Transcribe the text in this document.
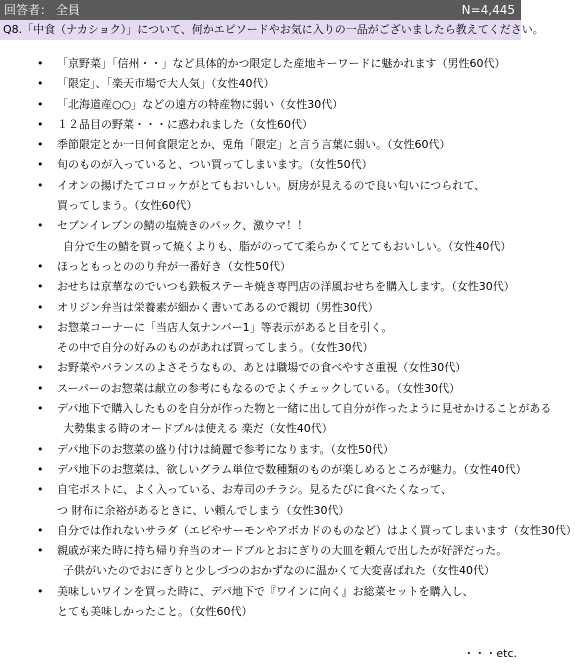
回答者： 全員	N=4,445
Q8.「中食（ナカショク）」について、何かエピソードやお気に入りの一品がございましたら教えてください。
• 「京野菜」「信州・・」など具体的かつ限定した産地キーワードに魅かれます（男性60代）
• 「限定」、「楽天市場で大人気」（女性40代）
• 「北海道産○○」などの遠方の特産物に弱い（女性30代）
• １２品目の野菜・・・に惑われました（女性60代）
• 季節限定とか一日何食限定とか、兎角「限定」と言う言葉に弱い。（女性60代）
• 旬のものが入っていると、つい買ってしまいます。（女性50代）
• イオンの揚げたてコロッケがとてもおいしい。厨房が見えるので良い匂いにつられて、
買ってしまう。（女性60代）
• セブンイレブンの鯖の塩焼きのパック、激ウマ！！
自分で生の鯖を買って焼くよりも、脂がのってて柔らかくてとてもおいしい。（女性40代）
• ほっともっとののり弁が一番好き（女性50代）
• おせちは京華なのでいつも鉄板ステーキ焼き専門店の洋風おせちを購入します。（女性30代）
• オリジン弁当は栄養素が細かく書いてあるので親切（男性30代）
• お惣菜コーナーに「当店人気ナンバー1」等表示があると目を引く。
その中で自分の好みのものがあれば買ってしまう。（女性30代）
• お野菜やバランスのよさそうなもの、あとは職場での食べやすさ重視（女性30代）
• スーパーのお惣菜は献立の参考にもなるのでよくチェックしている。（女性30代）
• デパ地下で購入したものを自分が作った物と一緒に出して自分が作ったように見せかけることがある
大勢集まる時のオードブルは使える 楽だ（女性40代）
• デパ地下のお惣菜の盛り付けは綺麗で参考になります。（女性50代）
• デパ地下のお惣菜は、欲しいグラム単位で数種類のものが楽しめるところが魅力。（女性40代）
• 自宅ポストに、よく入っている、お寿司のチラシ。見るたびに食べたくなって、
つ 財布に余裕があるときに、い頼んでしまう（女性30代）
• 自分では作れないサラダ（エビやサーモンやアボカドのものなど）はよく買ってしまいます（女性30代）
• 親戚が来た時に持ち帰り弁当のオードブルとおにぎりの大皿を頼んで出したが好評だった。
子供がいたのでおにぎりと少しづつのおかずなのに温かくて大変喜ばれた（女性40代）
• 美味しいワインを買った時に、デパ地下で『ワインに向く』お総菜セットを購入し、
とても美味しかったこと。（女性60代）
・・・etc.
